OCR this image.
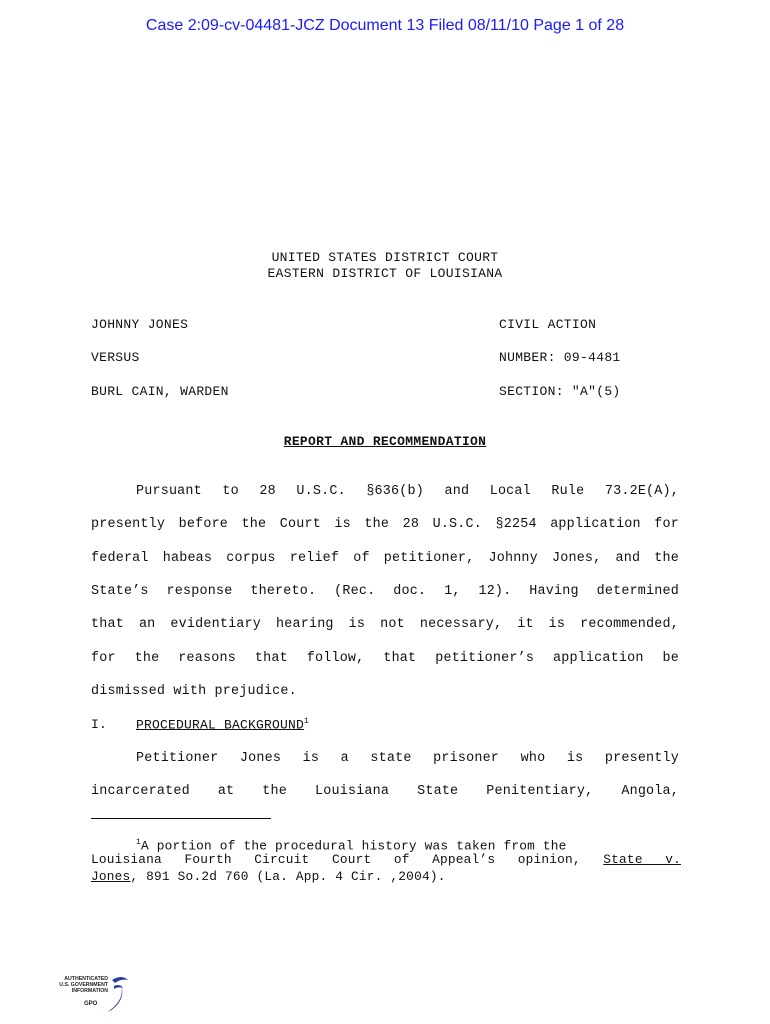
Case 2:09-cv-04481-JCZ Document 13 Filed 08/11/10 Page 1 of 28
UNITED STATES DISTRICT COURT
EASTERN DISTRICT OF LOUISIANA
JOHNNY JONES
VERSUS
BURL CAIN, WARDEN
CIVIL ACTION
NUMBER: 09-4481
SECTION: "A"(5)
REPORT AND RECOMMENDATION
Pursuant to 28 U.S.C. §636(b) and Local Rule 73.2E(A),
presently before the Court is the 28 U.S.C. §2254 application for
federal habeas corpus relief of petitioner, Johnny Jones, and the
State’s response thereto. (Rec. doc. 1, 12). Having determined
that an evidentiary hearing is not necessary, it is recommended,
for the reasons that follow, that petitioner’s application be
dismissed with prejudice.
I. PROCEDURAL BACKGROUND$^1$
Petitioner Jones is a state prisoner who is presently
incarcerated at the Louisiana State Penitentiary, Angola,
$^1$A portion of the procedural history was taken from the
Louisiana Fourth Circuit Court of Appeal’s opinion, State v.
Jones, 891 So.2d 760 (La. App. 4 Cir. ,2004).
AUTHENTICATED
U.S. GOVERNMENT
INFORMATION
GPO
